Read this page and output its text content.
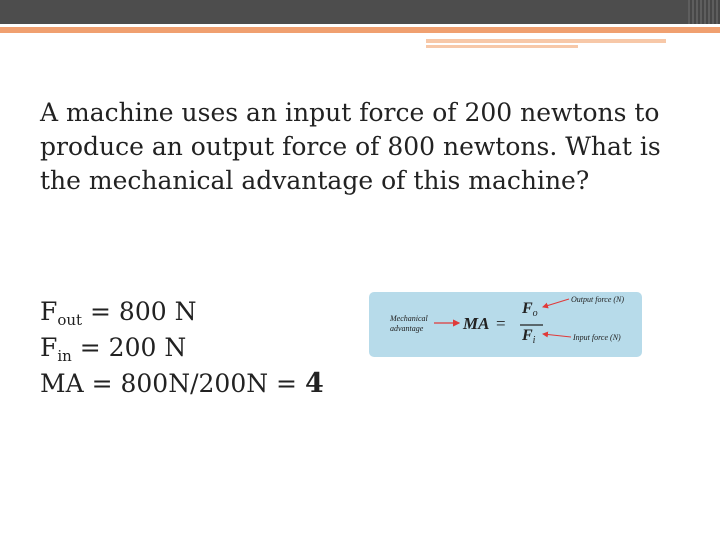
A machine uses an input force of 200 newtons to produce an output force of 800 newtons. What is the mechanical advantage of this machine?

$F_{out} = 800$ N
$F_{in} = 200$ N
MA = 800N/200N = 4
Mechanical
advantage MA =
$F_o$
$F_i$
Output force (N)
Input force (N)
